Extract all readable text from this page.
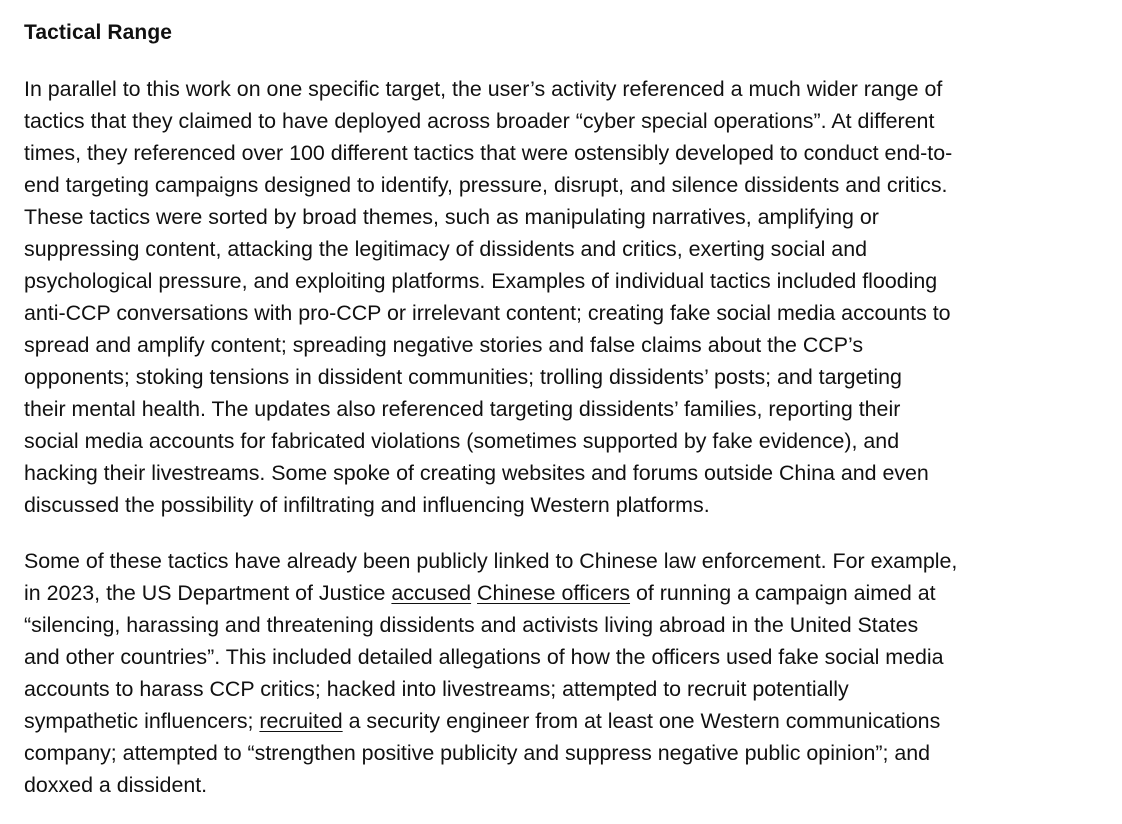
Tactical Range

In parallel to this work on one specific target, the user’s activity referenced a much wider range of
tactics that they claimed to have deployed across broader “cyber special operations”. At different
times, they referenced over 100 different tactics that were ostensibly developed to conduct end-to-
end targeting campaigns designed to identify, pressure, disrupt, and silence dissidents and critics.
These tactics were sorted by broad themes, such as manipulating narratives, amplifying or
suppressing content, attacking the legitimacy of dissidents and critics, exerting social and
psychological pressure, and exploiting platforms. Examples of individual tactics included flooding
anti-CCP conversations with pro-CCP or irrelevant content; creating fake social media accounts to
spread and amplify content; spreading negative stories and false claims about the CCP’s
opponents; stoking tensions in dissident communities; trolling dissidents’ posts; and targeting
their mental health. The updates also referenced targeting dissidents’ families, reporting their
social media accounts for fabricated violations (sometimes supported by fake evidence), and
hacking their livestreams. Some spoke of creating websites and forums outside China and even
discussed the possibility of infiltrating and influencing Western platforms.

Some of these tactics have already been publicly linked to Chinese law enforcement. For example,
in 2023, the US Department of Justice accused Chinese officers of running a campaign aimed at
“silencing, harassing and threatening dissidents and activists living abroad in the United States
and other countries”. This included detailed allegations of how the officers used fake social media
accounts to harass CCP critics; hacked into livestreams; attempted to recruit potentially
sympathetic influencers; recruited a security engineer from at least one Western communications
company; attempted to “strengthen positive publicity and suppress negative public opinion”; and
doxxed a dissident.
